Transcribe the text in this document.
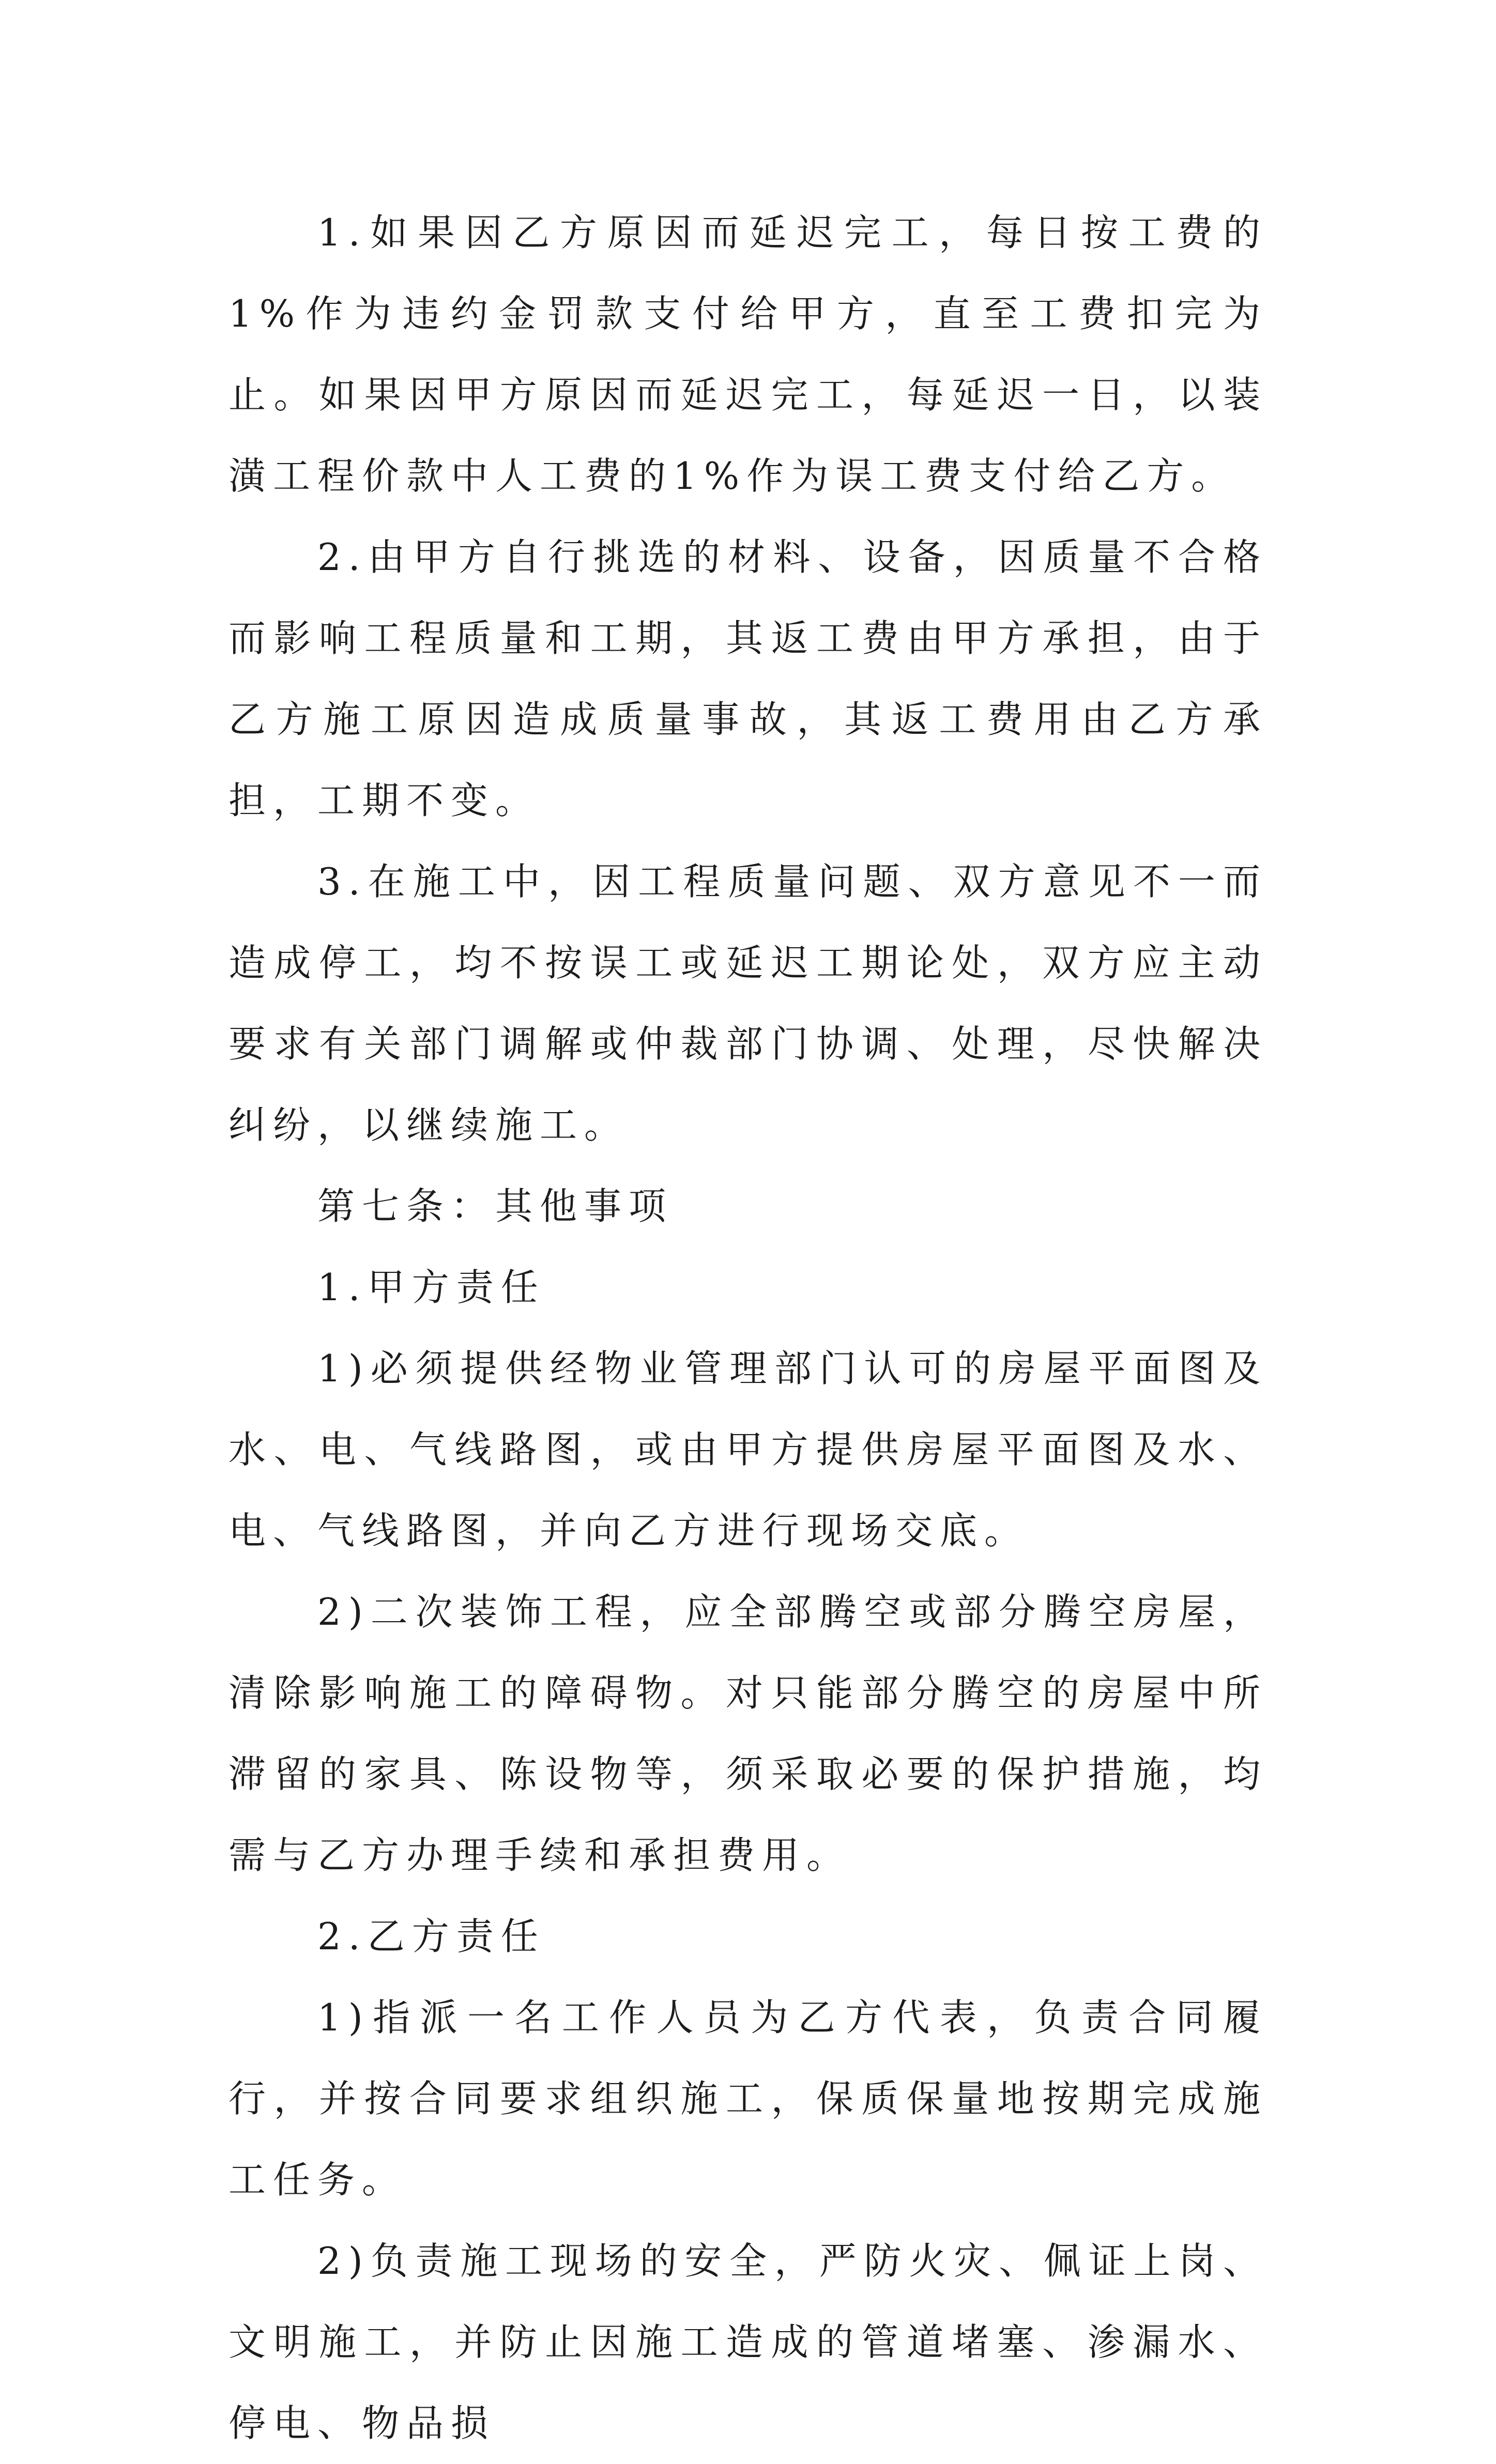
1.如果因乙方原因而延迟完工，每日按工费的1%作为违约金罚款支付给甲方，直至工费扣完为止。如果因甲方原因而延迟完工，每延迟一日，以装潢工程价款中人工费的1%作为误工费支付给乙方。

2.由甲方自行挑选的材料、设备，因质量不合格而影响工程质量和工期，其返工费由甲方承担，由于乙方施工原因造成质量事故，其返工费用由乙方承担，工期不变。

3.在施工中，因工程质量问题、双方意见不一而造成停工，均不按误工或延迟工期论处，双方应主动要求有关部门调解或仲裁部门协调、处理，尽快解决纠纷，以继续施工。

第七条：其他事项

1.甲方责任

1)必须提供经物业管理部门认可的房屋平面图及水、电、气线路图，或由甲方提供房屋平面图及水、电、气线路图，并向乙方进行现场交底。

2)二次装饰工程，应全部腾空或部分腾空房屋，清除影响施工的障碍物。对只能部分腾空的房屋中所滞留的家具、陈设物等，须采取必要的保护措施，均需与乙方办理手续和承担费用。

2.乙方责任

1)指派一名工作人员为乙方代表，负责合同履行，并按合同要求组织施工，保质保量地按期完成施工任务。

2)负责施工现场的安全，严防火灾、佩证上岗、文明施工，并防止因施工造成的管道堵塞、渗漏水、停电、物品损
